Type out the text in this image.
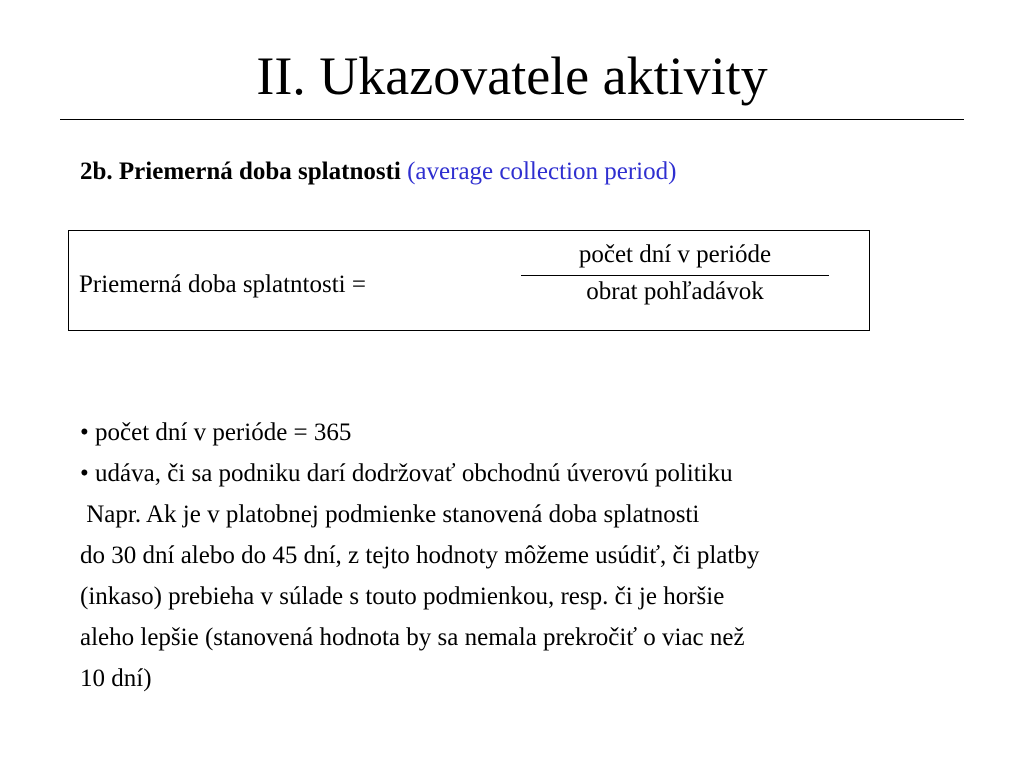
II. Ukazovatele aktivity
2b. Priemerná doba splatnosti (average collection period)
Priemerná doba splatntosti =
počet dní v perióde
obrat pohľadávok
• počet dní v perióde = 365
• udáva, či sa podniku darí dodržovať obchodnú úverovú politiku
Napr. Ak je v platobnej podmienke stanovená doba splatnosti
do 30 dní alebo do 45 dní, z tejto hodnoty môžeme usúdiť, či platby
(inkaso) prebieha v súlade s touto podmienkou, resp. či je horšie
aleho lepšie (stanovená hodnota by sa nemala prekročiť o viac než
10 dní)
